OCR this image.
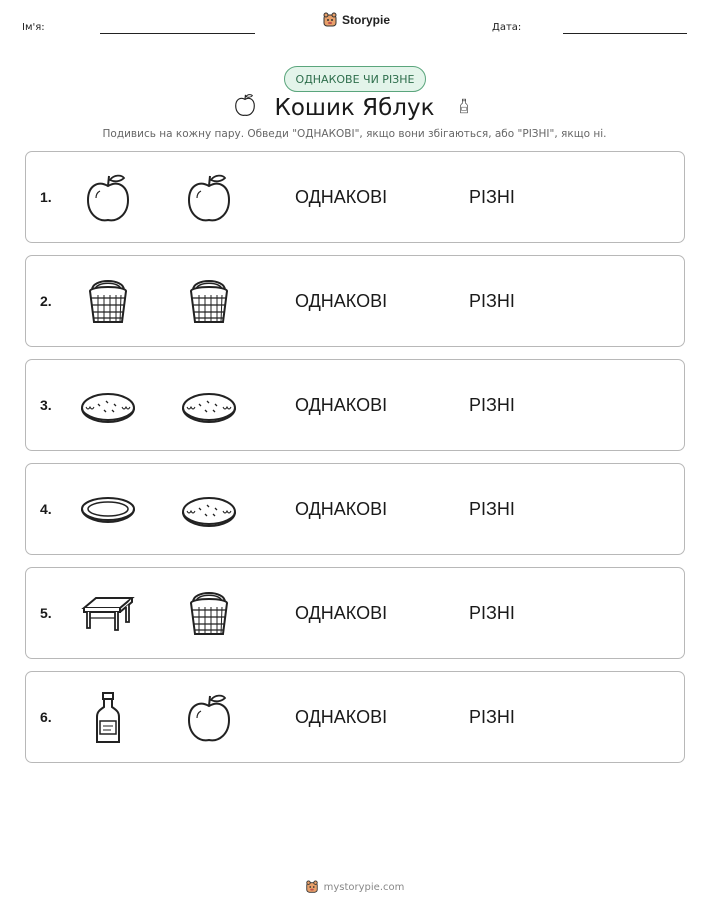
Ім'я:
Storypie
Дата:
ОДНАКОВЕ ЧИ РІЗНЕ
Кошик Яблук
Подивись на кожну пару. Обведи "ОДНАКОВІ", якщо вони збігаються, або "РІЗНІ", якщо ні.
1.	ОДНАКОВІ	РІЗНІ
2.	ОДНАКОВІ	РІЗНІ
3.	ОДНАКОВІ	РІЗНІ
4.	ОДНАКОВІ	РІЗНІ
5.	ОДНАКОВІ	РІЗНІ
6.	ОДНАКОВІ	РІЗНІ
mystorypie.com
